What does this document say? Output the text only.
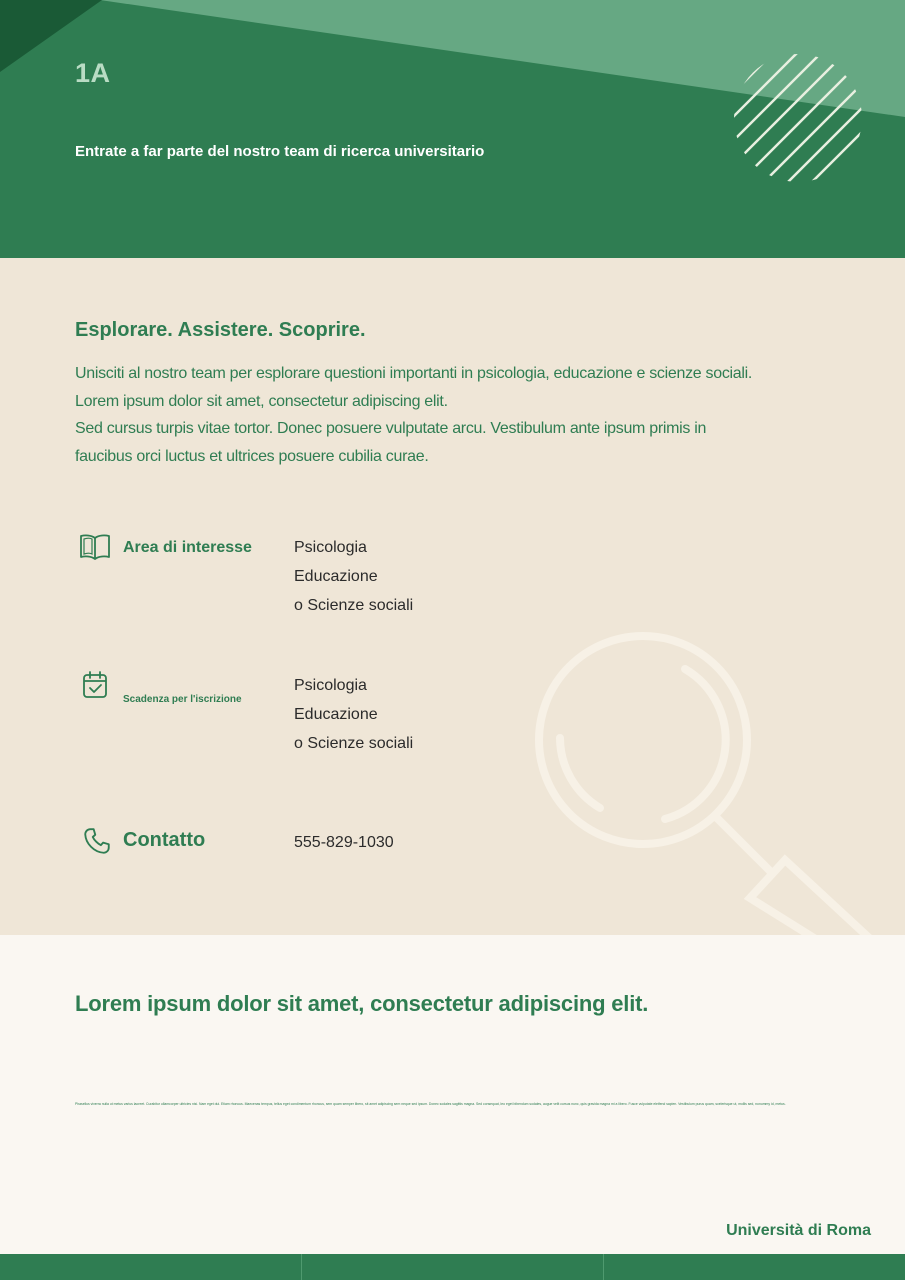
1A
Entrate a far parte del nostro team di ricerca universitario
Esplorare. Assistere. Scoprire.
Unisciti al nostro team per esplorare questioni importanti in psicologia, educazione e scienze sociali.
Lorem ipsum dolor sit amet, consectetur adipiscing elit.
Sed cursus turpis vitae tortor. Donec posuere vulputate arcu. Vestibulum ante ipsum primis in
faucibus orci luctus et ultrices posuere cubilia curae.
Area di interesse	Psicologia
Educazione
o Scienze sociali
Scadenza per l'iscrizione
Psicologia
Educazione
o Scienze sociali
Contatto	555-829-1030
Lorem ipsum dolor sit amet, consectetur adipiscing elit.

Phasellus viverra nulla ut metus varius laoreet. Curabitur ullamcorper ultricies nisi. Nam eget dui. Etiam rhoncus. Maecenas tempus, tellus eget condimentum rhoncus, sem quam semper libero, sit amet adipiscing sem neque sed ipsum. Donec sodales sagittis magna. Sed consequat, leo eget bibendum sodales, augue velit cursus nunc, quis gravida magna mi a libero. Fusce vulputate eleifend sapien. Vestibulum purus quam, scelerisque ut, mollis sed, nonummy id, metus.

Università di Roma
